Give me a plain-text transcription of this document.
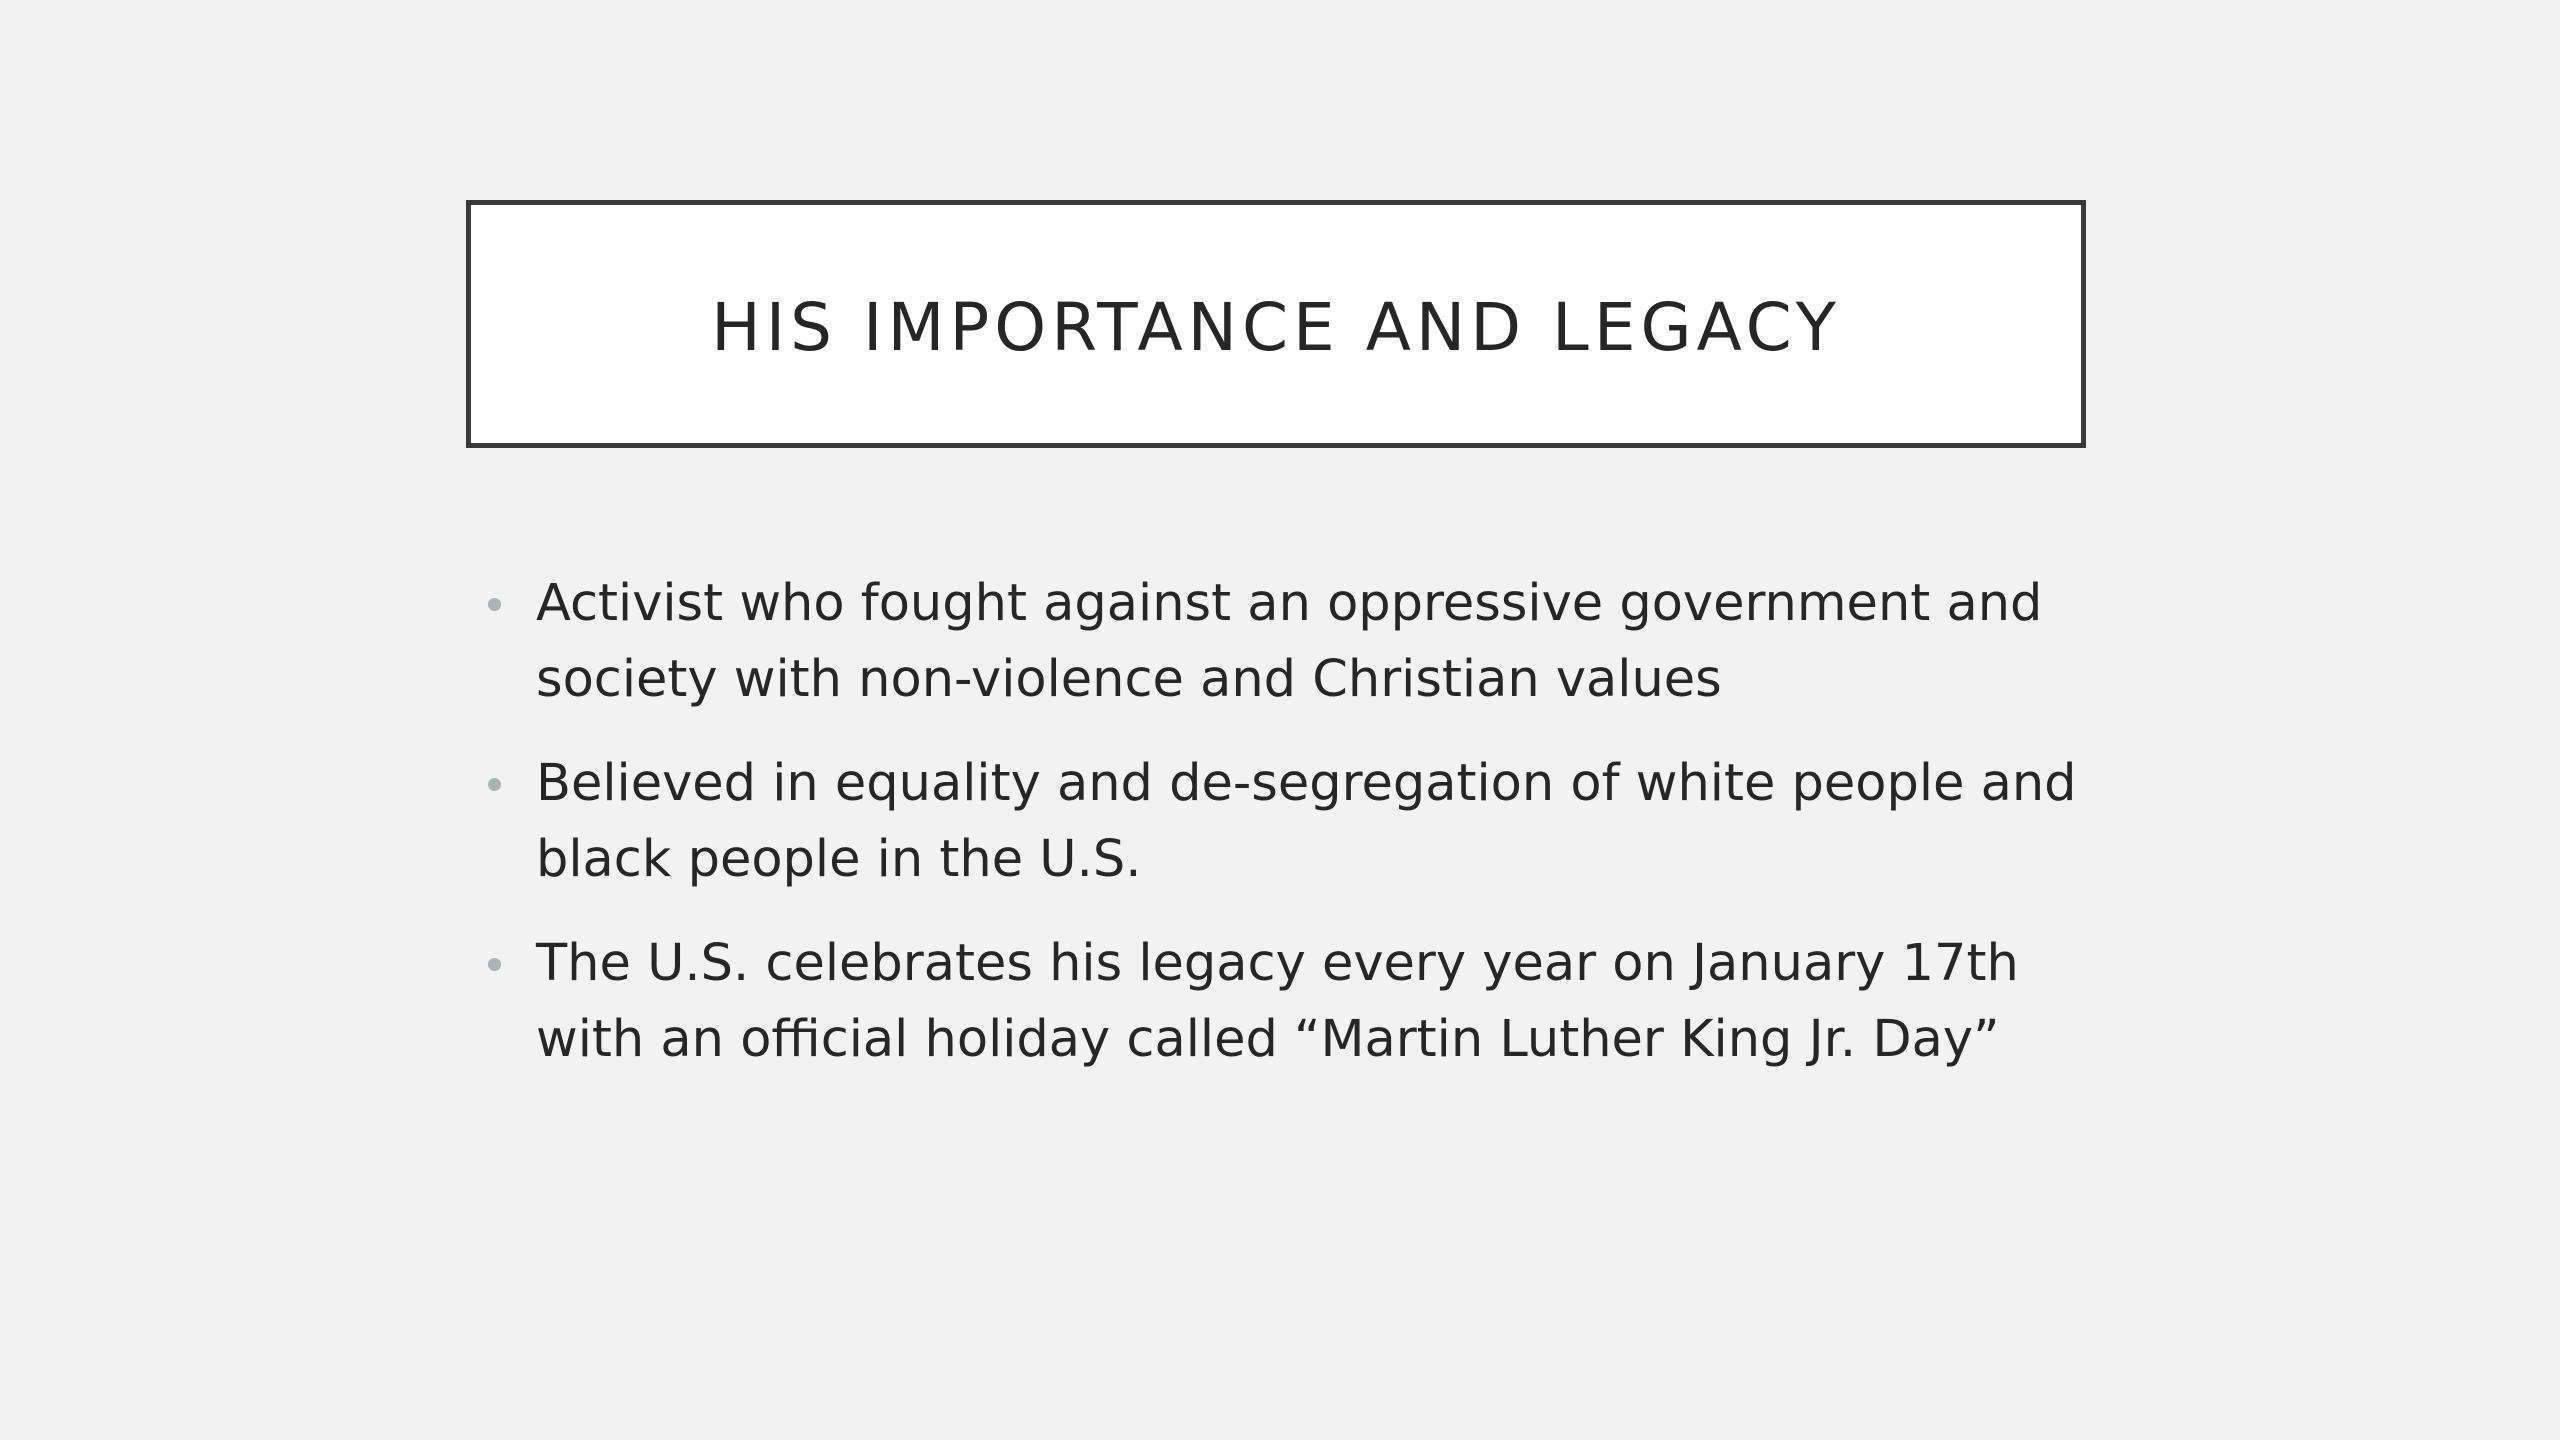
HIS IMPORTANCE AND LEGACY
Activist who fought against an oppressive government and society with non-violence and Christian values
Believed in equality and de-segregation of white people and black people in the U.S.
The U.S. celebrates his legacy every year on January 17th with an official holiday called “Martin Luther King Jr. Day”
